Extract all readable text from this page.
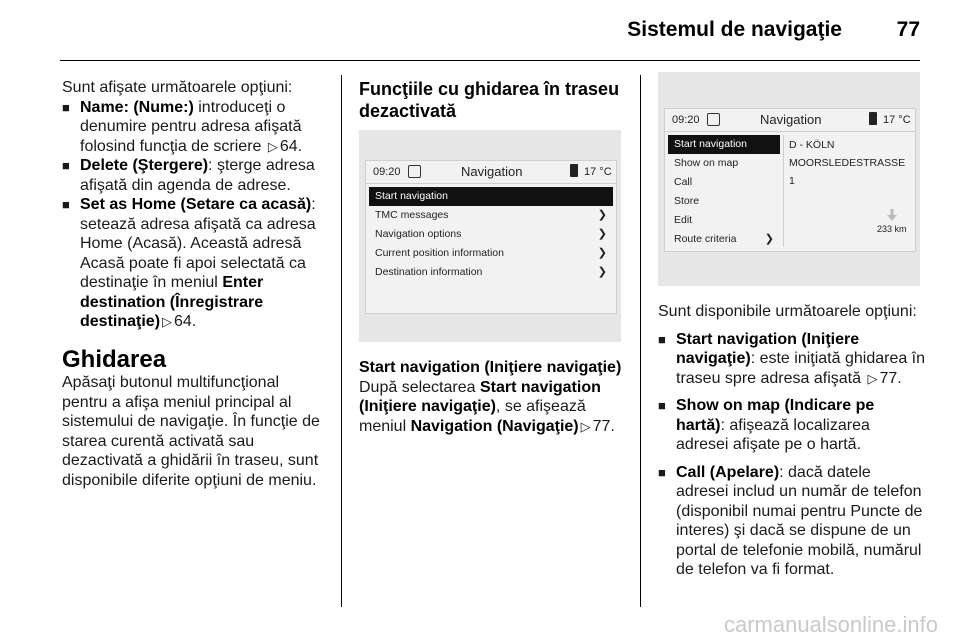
Sistemul de navigaţie	77

Sunt afişate următoarele opţiuni:

■ Name: (Nume:) introduceţi o denumire pentru adresa afişată folosind funcţia de scriere ▷ 64.

■ Delete (Ştergere): şterge adresa afişată din agenda de adrese.

■ Set as Home (Setare ca acasă): setează adresa afişată ca adresa Home (Acasă). Această adresă Acasă poate fi apoi selectată ca destinaţie în meniul Enter destination (Înregistrare destinaţie) ▷ 64.

Ghidarea

Apăsaţi butonul multifuncţional pentru a afişa meniul principal al sistemului de navigaţie. În funcţie de starea curentă activată sau dezactivată a ghidării în traseu, sunt disponibile diferite opţiuni de meniu.

Funcţiile cu ghidarea în traseu dezactivată

09:20	Navigation	17 °C
Start navigation
TMC messages	❯
Navigation options	❯
Current position information	❯
Destination information	❯

Start navigation (Iniţiere navigaţie)

După selectarea Start navigation (Iniţiere navigaţie), se afişează meniul Navigation (Navigaţie) ▷ 77.

09:20	Navigation	17 °C
Start navigation
Show on map
Call
Store
Edit
Route criteria	❯
D - KÖLN
MOORSLEDESTRASSE
1
233 km

Sunt disponibile următoarele opţiuni:

■ Start navigation (Iniţiere navigaţie): este iniţiată ghidarea în traseu spre adresa afişată ▷ 77.

■ Show on map (Indicare pe hartă): afişează localizarea adresei afişate pe o hartă.

■ Call (Apelare): dacă datele adresei includ un număr de telefon (disponibil numai pentru Puncte de interes) şi dacă se dispune de un portal de telefonie mobilă, numărul de telefon va fi format.

carmanualsonline.info
